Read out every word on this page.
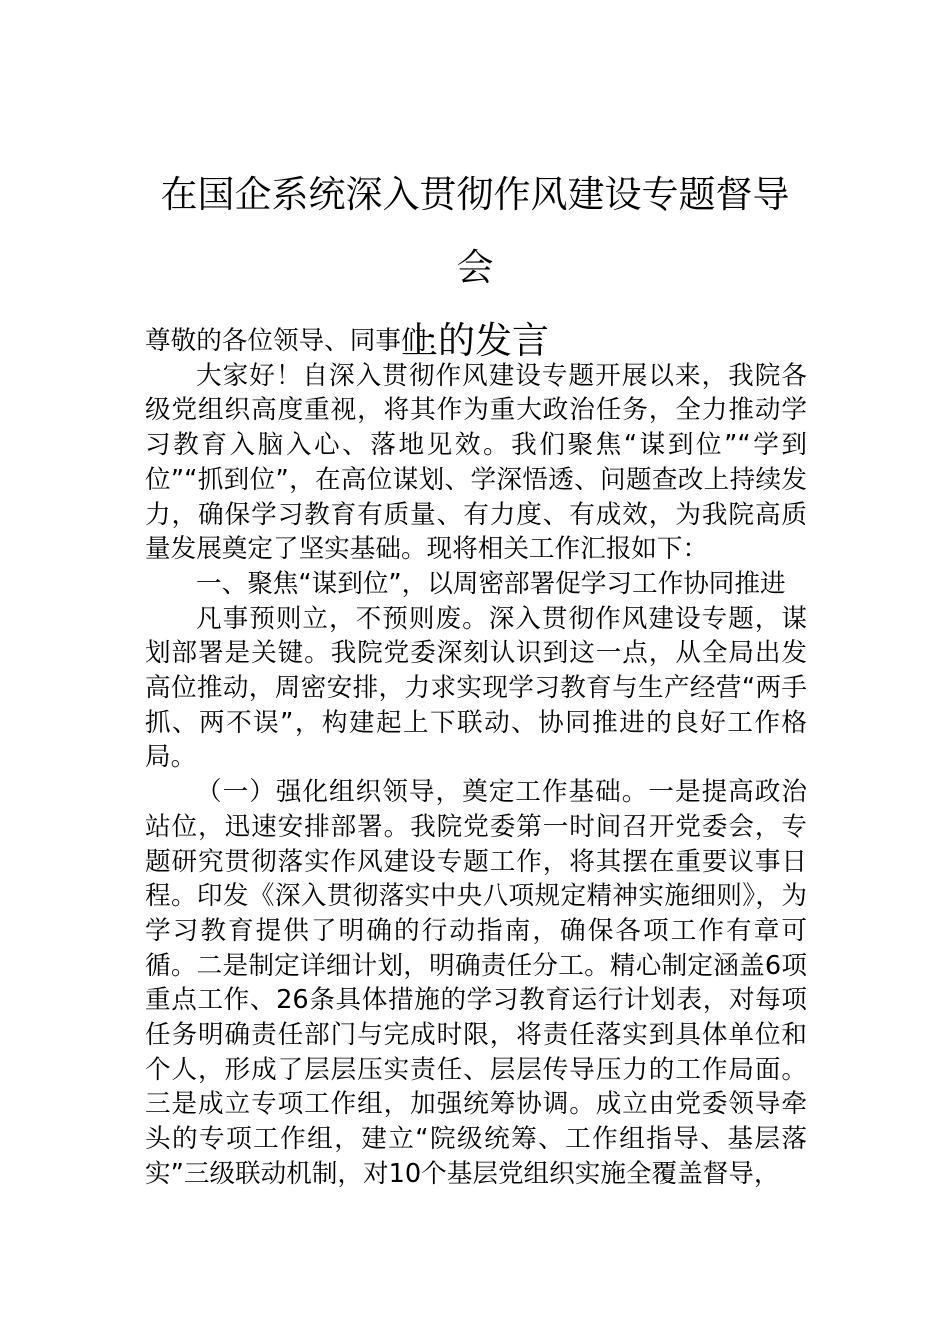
在国企系统深入贯彻作风建设专题督导会
上的发言

尊敬的各位领导、同事们：

大家好！自深入贯彻作风建设专题开展以来，我院各级党组织高度重视，将其作为重大政治任务，全力推动学习教育入脑入心、落地见效。我们聚焦“谋到位”“学到位”“抓到位”，在高位谋划、学深悟透、问题查改上持续发力，确保学习教育有质量、有力度、有成效，为我院高质量发展奠定了坚实基础。现将相关工作汇报如下：

一、聚焦“谋到位”，以周密部署促学习工作协同推进

凡事预则立，不预则废。深入贯彻作风建设专题，谋划部署是关键。我院党委深刻认识到这一点，从全局出发高位推动，周密安排，力求实现学习教育与生产经营“两手抓、两不误”，构建起上下联动、协同推进的良好工作格局。

（一）强化组织领导，奠定工作基础。一是提高政治站位，迅速安排部署。我院党委第一时间召开党委会，专题研究贯彻落实作风建设专题工作，将其摆在重要议事日程。印发《深入贯彻落实中央八项规定精神实施细则》，为学习教育提供了明确的行动指南，确保各项工作有章可循。二是制定详细计划，明确责任分工。精心制定涵盖6项重点工作、26条具体措施的学习教育运行计划表，对每项任务明确责任部门与完成时限，将责任落实到具体单位和个人，形成了层层压实责任、层层传导压力的工作局面。三是成立专项工作组，加强统筹协调。成立由党委领导牵头的专项工作组，建立“院级统筹、工作组指导、基层落实”三级联动机制，对10个基层党组织实施全覆盖督导，
